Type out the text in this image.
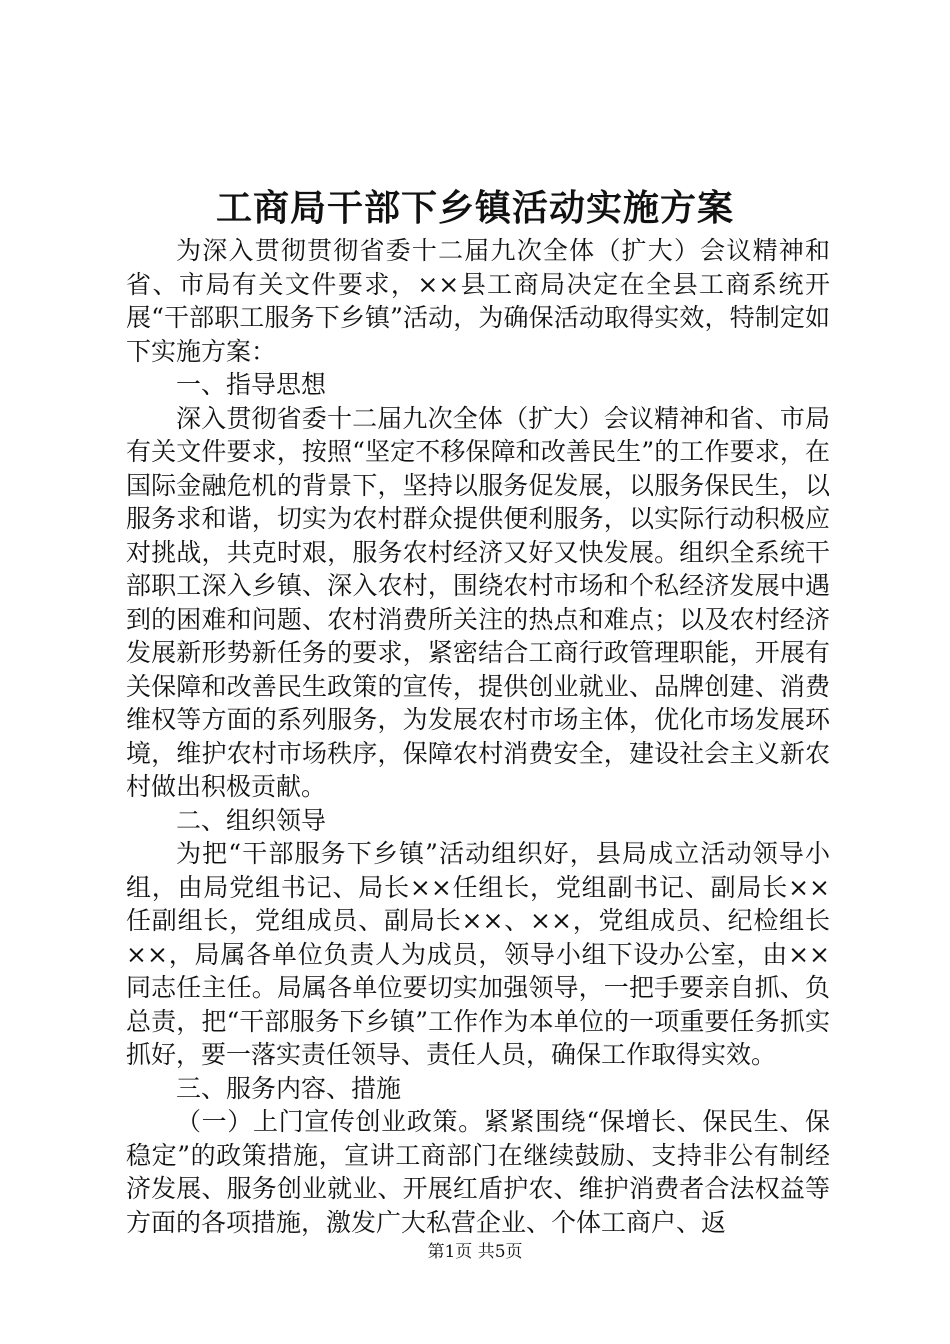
工商局干部下乡镇活动实施方案

为深入贯彻贯彻省委十二届九次全体（扩大）会议精神和省、市局有关文件要求，××县工商局决定在全县工商系统开展“干部职工服务下乡镇”活动，为确保活动取得实效，特制定如下实施方案：

一、指导思想

深入贯彻省委十二届九次全体（扩大）会议精神和省、市局有关文件要求，按照“坚定不移保障和改善民生”的工作要求，在国际金融危机的背景下，坚持以服务促发展，以服务保民生，以服务求和谐，切实为农村群众提供便利服务，以实际行动积极应对挑战，共克时艰，服务农村经济又好又快发展。组织全系统干部职工深入乡镇、深入农村，围绕农村市场和个私经济发展中遇到的困难和问题、农村消费所关注的热点和难点；以及农村经济发展新形势新任务的要求，紧密结合工商行政管理职能，开展有关保障和改善民生政策的宣传，提供创业就业、品牌创建、消费维权等方面的系列服务，为发展农村市场主体，优化市场发展环境，维护农村市场秩序，保障农村消费安全，建设社会主义新农村做出积极贡献。

二、组织领导

为把“干部服务下乡镇”活动组织好，县局成立活动领导小组，由局党组书记、局长××任组长，党组副书记、副局长××任副组长，党组成员、副局长××、××，党组成员、纪检组长××，局属各单位负责人为成员，领导小组下设办公室，由××同志任主任。局属各单位要切实加强领导，一把手要亲自抓、负总责，把“干部服务下乡镇”工作作为本单位的一项重要任务抓实抓好，要一落实责任领导、责任人员，确保工作取得实效。

三、服务内容、措施

（一）上门宣传创业政策。紧紧围绕“保增长、保民生、保稳定”的政策措施，宣讲工商部门在继续鼓励、支持非公有制经济发展、服务创业就业、开展红盾护农、维护消费者合法权益等方面的各项措施，激发广大私营企业、个体工商户、返

第1页 共5页
